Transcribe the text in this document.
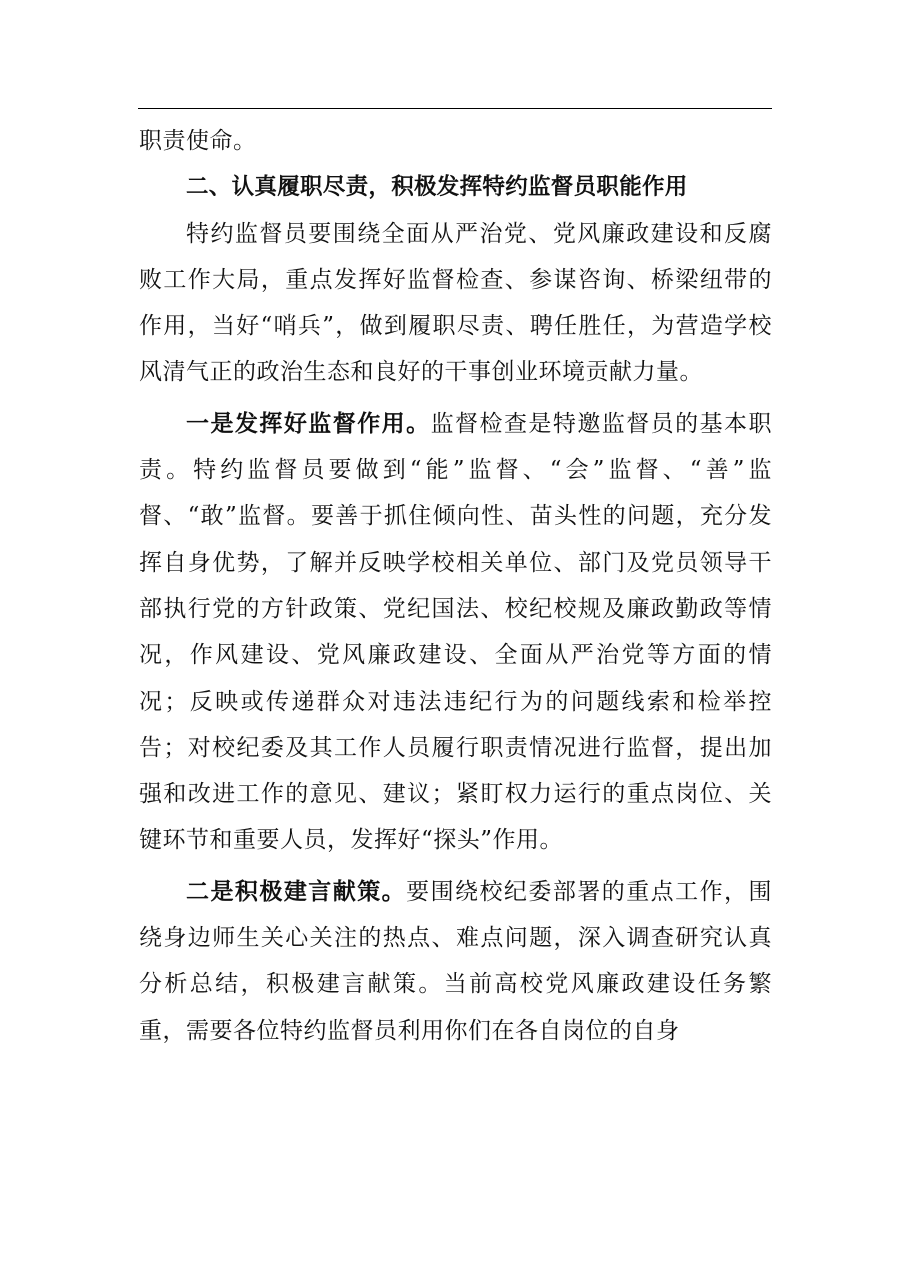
职责使命。

二、认真履职尽责，积极发挥特约监督员职能作用

特约监督员要围绕全面从严治党、党风廉政建设和反腐败工作大局，重点发挥好监督检查、参谋咨询、桥梁纽带的作用，当好“哨兵”，做到履职尽责、聘任胜任，为营造学校风清气正的政治生态和良好的干事创业环境贡献力量。

一是发挥好监督作用。监督检查是特邀监督员的基本职责。特约监督员要做到“能”监督、“会”监督、“善”监督、“敢”监督。要善于抓住倾向性、苗头性的问题，充分发挥自身优势，了解并反映学校相关单位、部门及党员领导干部执行党的方针政策、党纪国法、校纪校规及廉政勤政等情况，作风建设、党风廉政建设、全面从严治党等方面的情况；反映或传递群众对违法违纪行为的问题线索和检举控告；对校纪委及其工作人员履行职责情况进行监督，提出加强和改进工作的意见、建议；紧盯权力运行的重点岗位、关键环节和重要人员，发挥好“探头”作用。

二是积极建言献策。要围绕校纪委部署的重点工作，围绕身边师生关心关注的热点、难点问题，深入调查研究认真分析总结，积极建言献策。当前高校党风廉政建设任务繁重，需要各位特约监督员利用你们在各自岗位的自身
